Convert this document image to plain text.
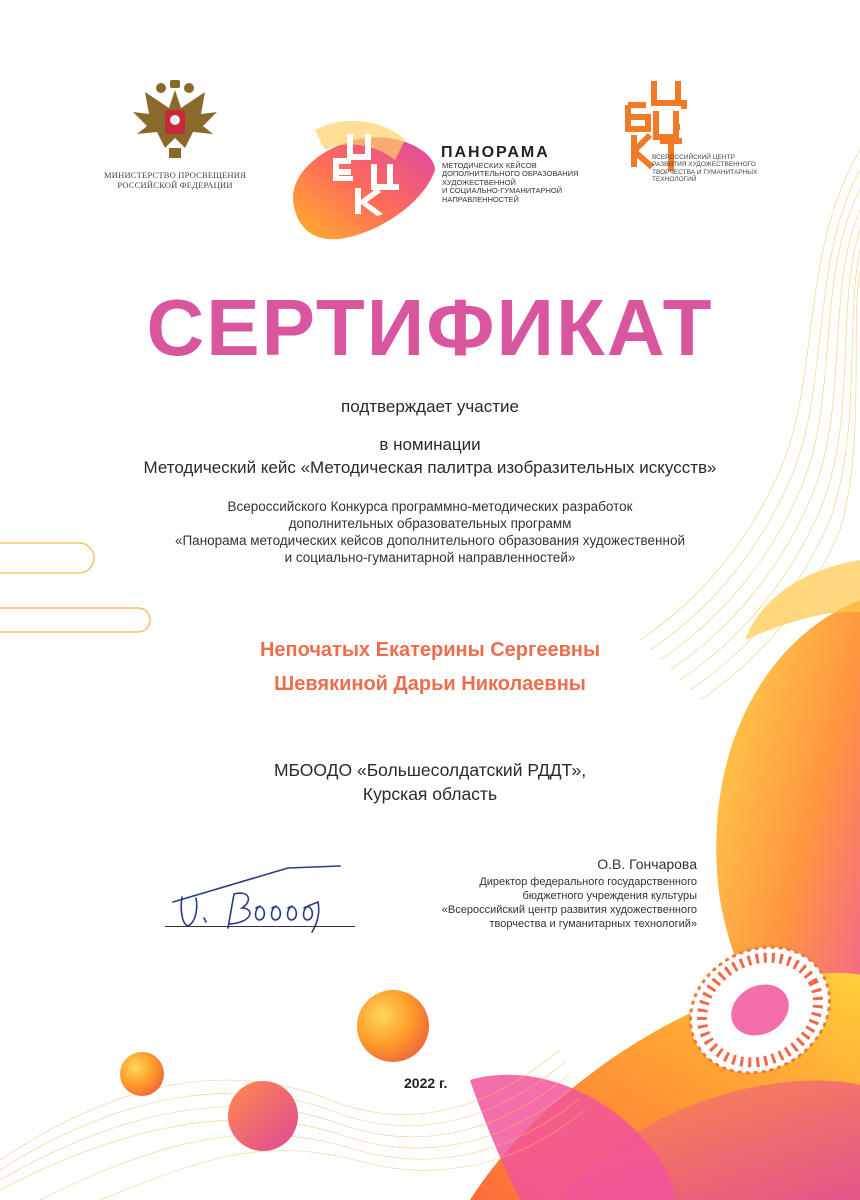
МИНИСТЕРСТВО ПРОСВЕЩЕНИЯ
РОССИЙСКОЙ ФЕДЕРАЦИИ
ПАНОРАМА
МЕТОДИЧЕСКИХ КЕЙСОВ
ДОПОЛНИТЕЛЬНОГО ОБРАЗОВАНИЯ
ХУДОЖЕСТВЕННОЙ
И СОЦИАЛЬНО-ГУМАНИТАРНОЙ
НАПРАВЛЕННОСТЕЙ
ВСЕРОССИЙСКИЙ ЦЕНТР
РАЗВИТИЯ ХУДОЖЕСТВЕННОГО
ТВОРЧЕСТВА И ГУМАНИТАРНЫХ
ТЕХНОЛОГИЙ
СЕРТИФИКАТ
подтверждает участие
в номинации
Методический кейс «Методическая палитра изобразительных искусств»
Всероссийского Конкурса программно-методических разработок
дополнительных образовательных программ
«Панорама методических кейсов дополнительного образования художественной
и социально-гуманитарной направленностей»
Непочатых Екатерины Сергеевны
Шевякиной Дарьи Николаевны
МБООДО «Большесолдатский РДДТ»,
Курская область
О.В. Гончарова
Директор федерального государственного
бюджетного учреждения культуры
«Всероссийский центр развития художественного
творчества и гуманитарных технологий»
2022 г.
